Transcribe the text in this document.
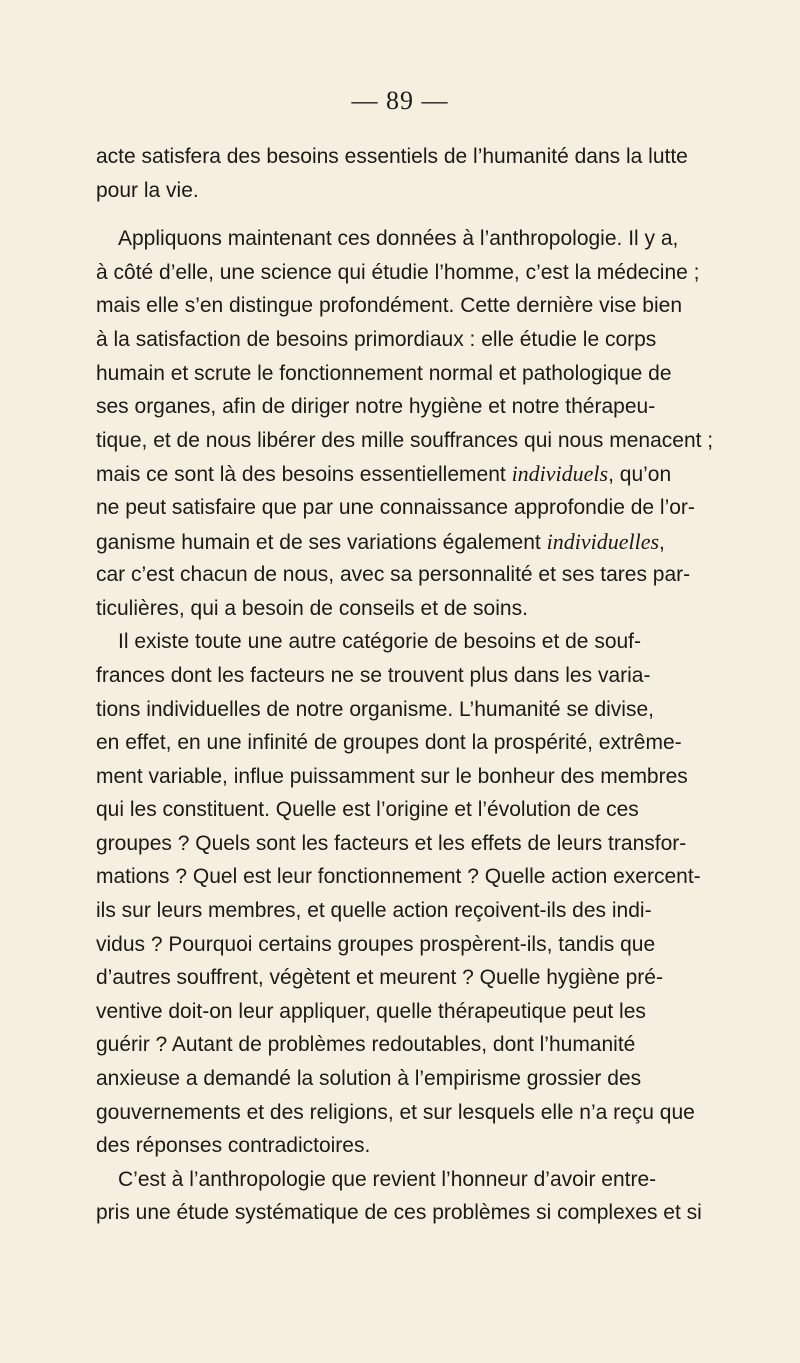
— 89 —
acte satisfera des besoins essentiels de l’humanité dans la lutte
pour la vie.
Appliquons maintenant ces données à l’anthropologie. Il y a,
à côté d’elle, une science qui étudie l’homme, c’est la médecine ;
mais elle s’en distingue profondément. Cette dernière vise bien
à la satisfaction de besoins primordiaux : elle étudie le corps
humain et scrute le fonctionnement normal et pathologique de
ses organes, afin de diriger notre hygiène et notre thérapeu-
tique, et de nous libérer des mille souffrances qui nous menacent ;
mais ce sont là des besoins essentiellement individuels, qu’on
ne peut satisfaire que par une connaissance approfondie de l’or-
ganisme humain et de ses variations également individuelles,
car c’est chacun de nous, avec sa personnalité et ses tares par-
ticulières, qui a besoin de conseils et de soins.
Il existe toute une autre catégorie de besoins et de souf-
frances dont les facteurs ne se trouvent plus dans les varia-
tions individuelles de notre organisme. L’humanité se divise,
en effet, en une infinité de groupes dont la prospérité, extrême-
ment variable, influe puissamment sur le bonheur des membres
qui les constituent. Quelle est l’origine et l’évolution de ces
groupes ? Quels sont les facteurs et les effets de leurs transfor-
mations ? Quel est leur fonctionnement ? Quelle action exercent-
ils sur leurs membres, et quelle action reçoivent-ils des indi-
vidus ? Pourquoi certains groupes prospèrent-ils, tandis que
d’autres souffrent, végètent et meurent ? Quelle hygiène pré-
ventive doit-on leur appliquer, quelle thérapeutique peut les
guérir ? Autant de problèmes redoutables, dont l’humanité
anxieuse a demandé la solution à l’empirisme grossier des
gouvernements et des religions, et sur lesquels elle n’a reçu que
des réponses contradictoires.
C’est à l’anthropologie que revient l’honneur d’avoir entre-
pris une étude systématique de ces problèmes si complexes et si
